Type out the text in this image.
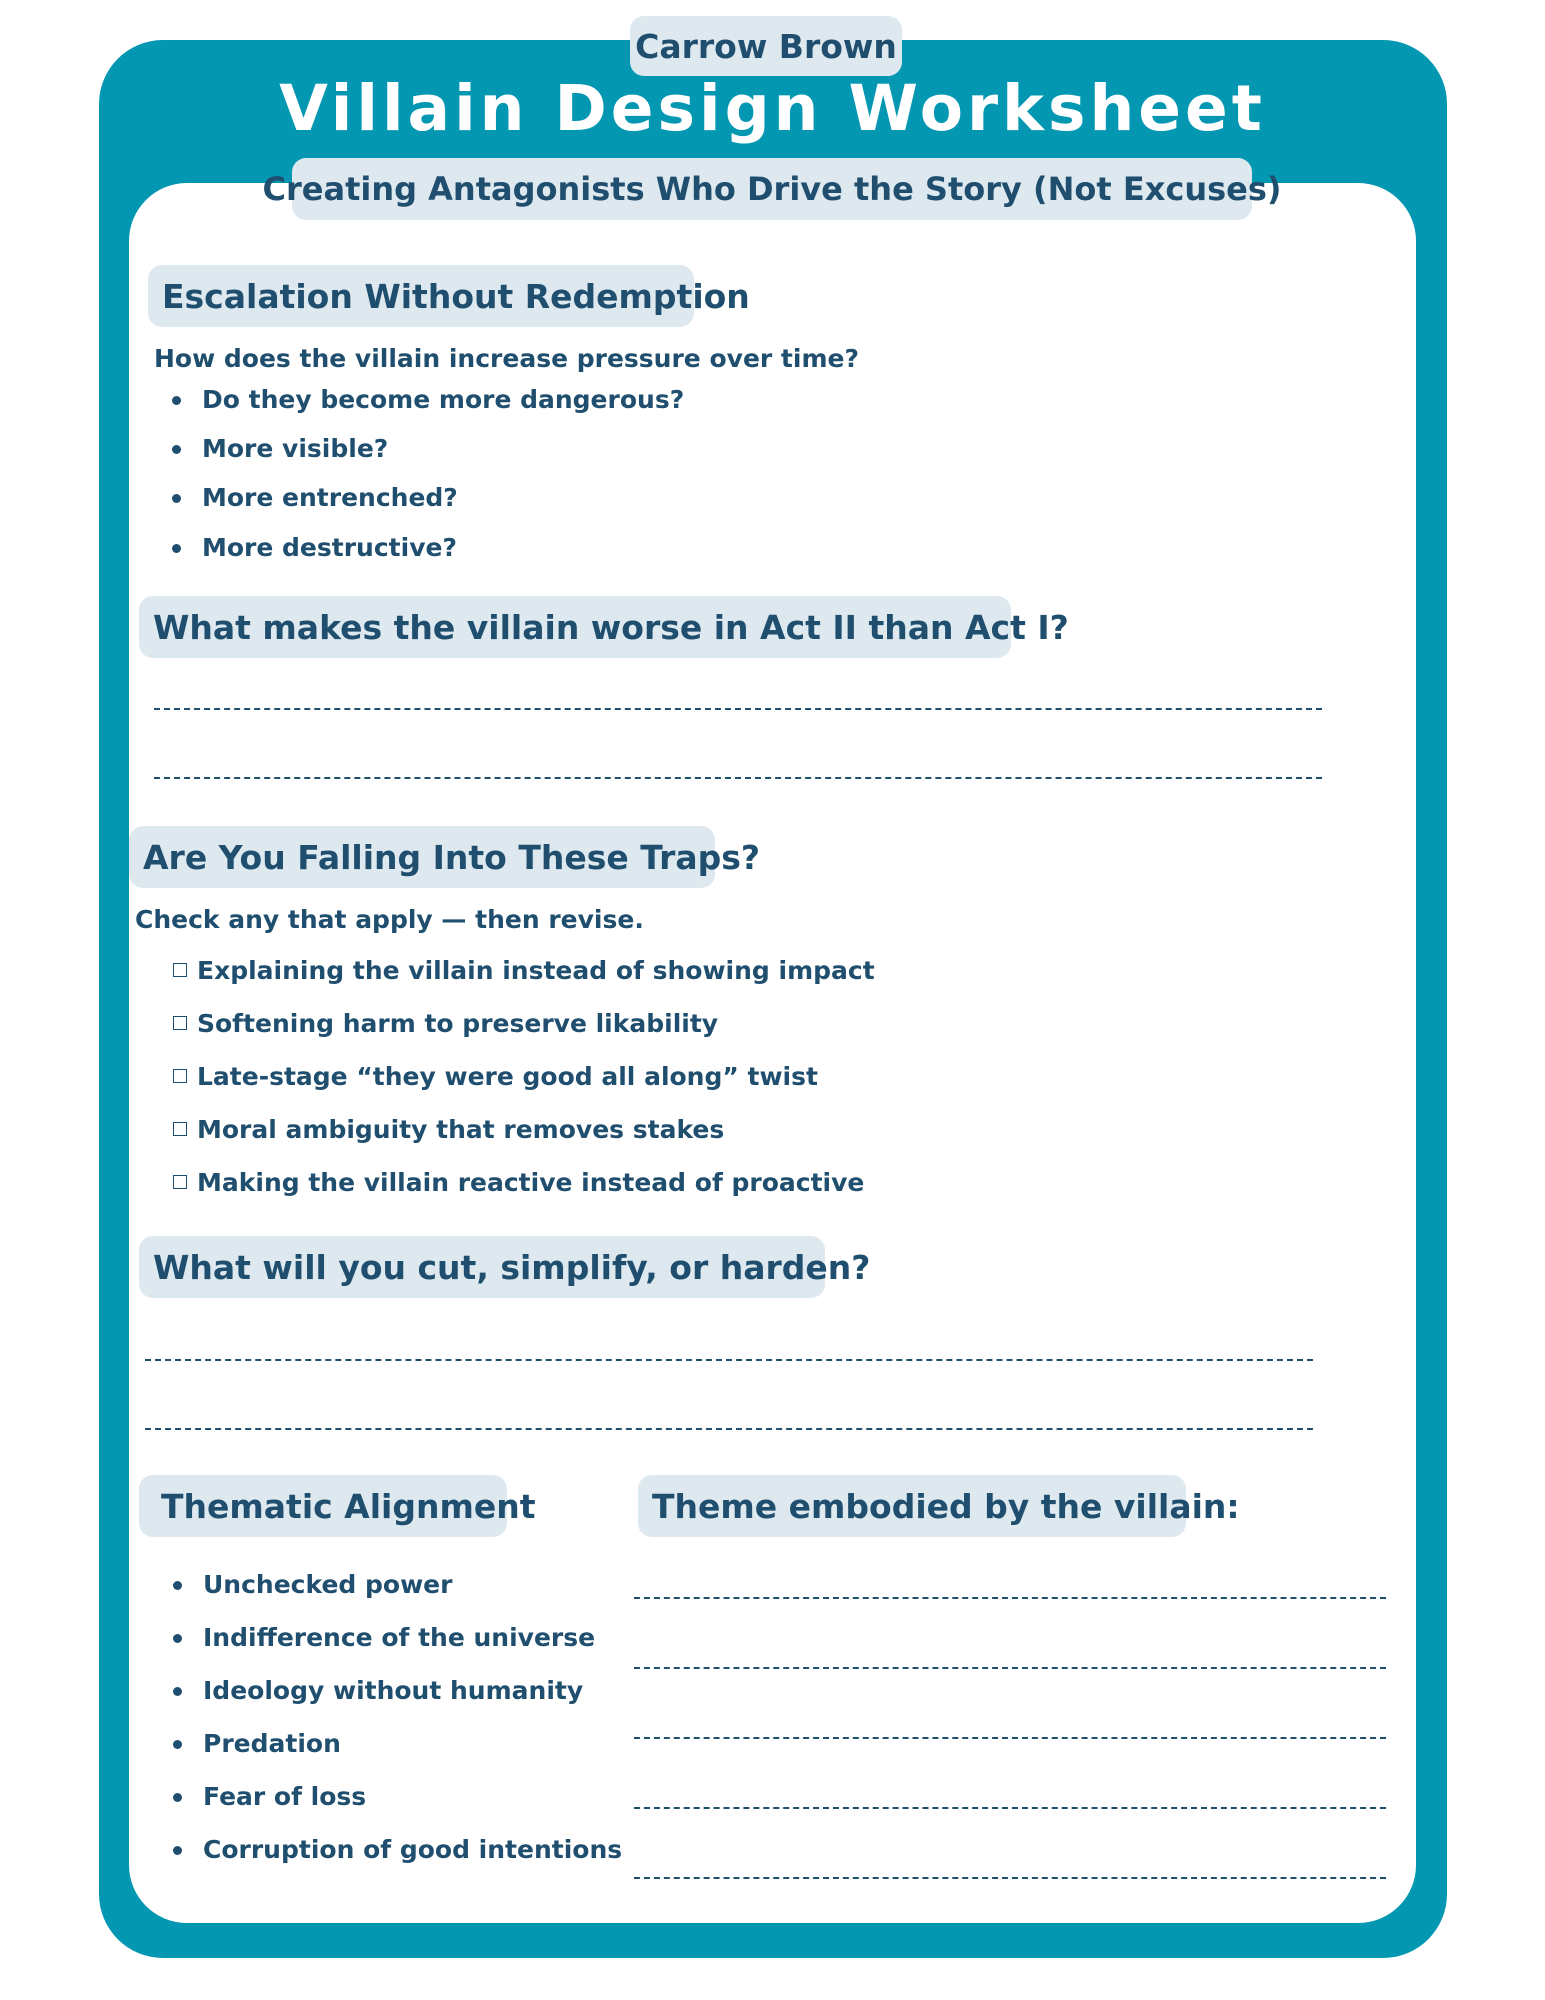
Carrow Brown
Villain Design Worksheet
Creating Antagonists Who Drive the Story (Not Excuses)
Escalation Without Redemption
How does the villain increase pressure over time?
Do they become more dangerous?
More visible?
More entrenched?
More destructive?
What makes the villain worse in Act II than Act I?
Are You Falling Into These Traps?
Check any that apply — then revise.
Explaining the villain instead of showing impact
Softening harm to preserve likability
Late-stage “they were good all along” twist
Moral ambiguity that removes stakes
Making the villain reactive instead of proactive
What will you cut, simplify, or harden?
Thematic Alignment
Unchecked power
Indifference of the universe
Ideology without humanity
Predation
Fear of loss
Corruption of good intentions
Theme embodied by the villain:
